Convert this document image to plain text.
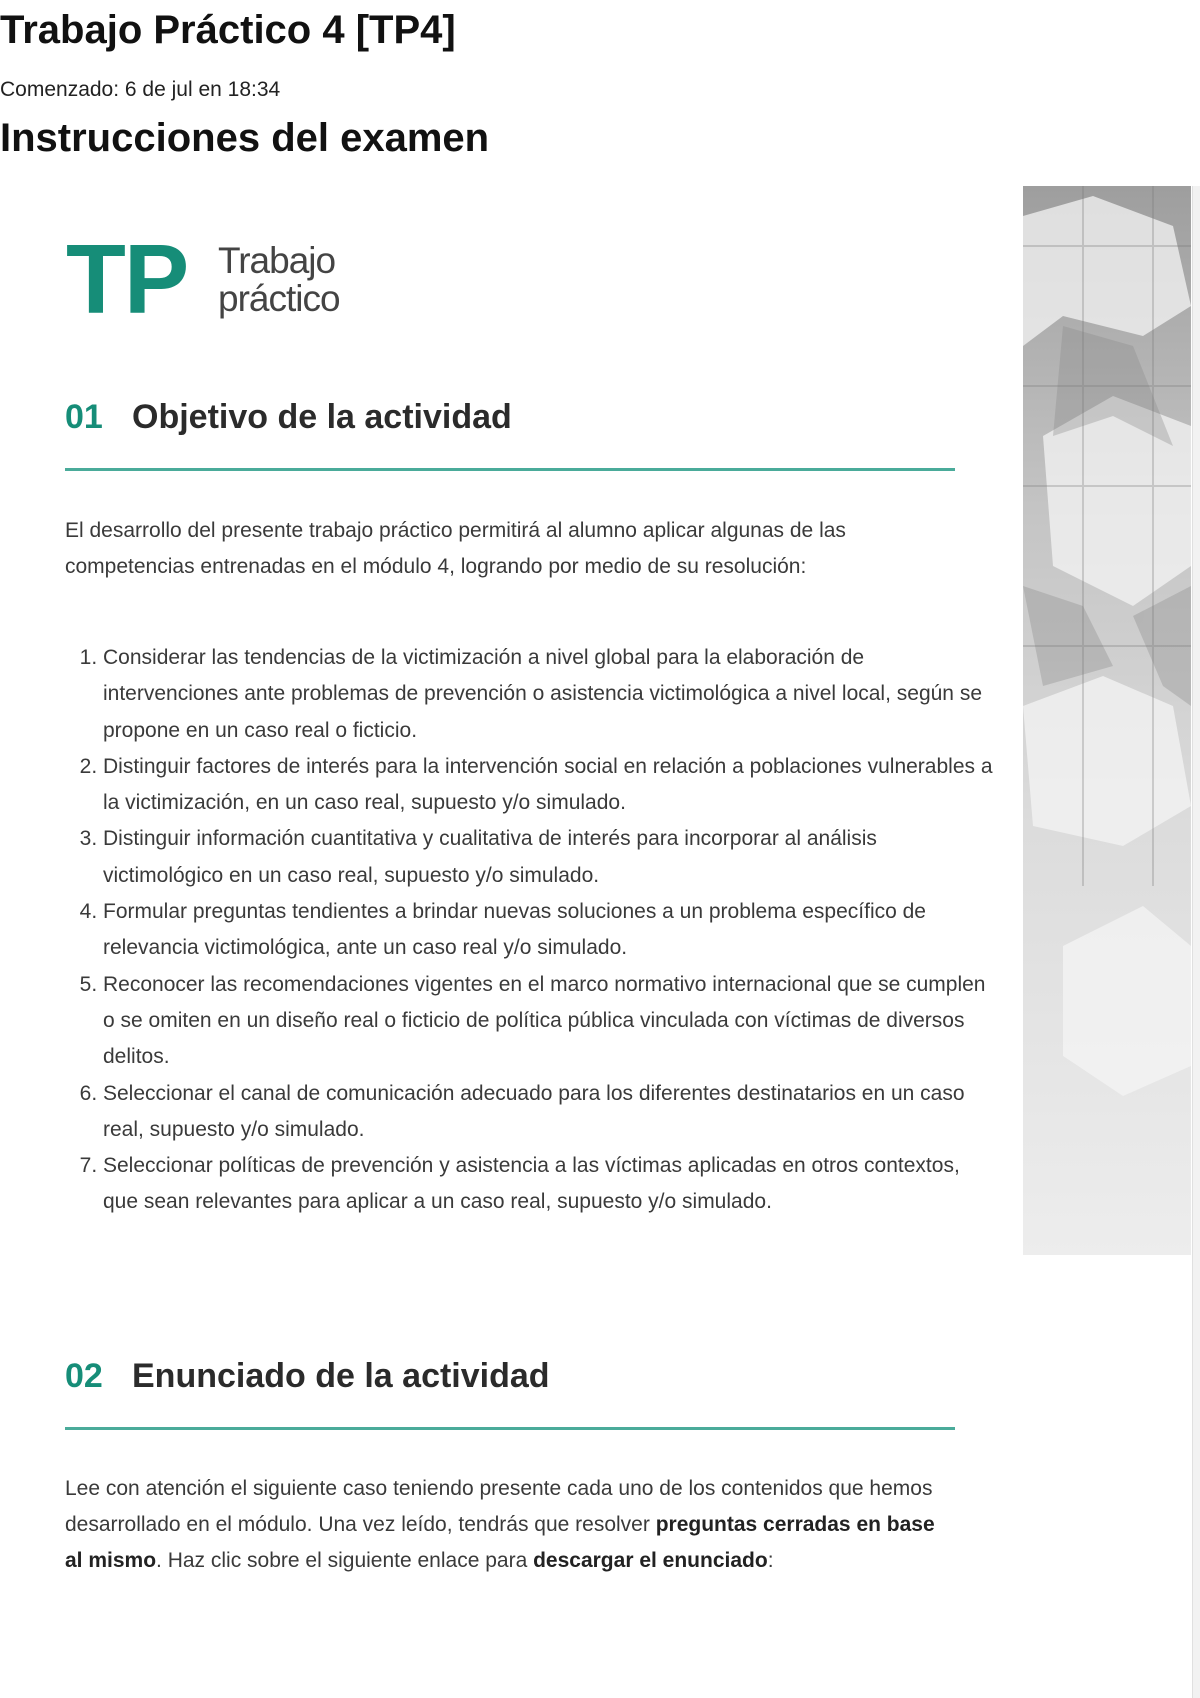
Trabajo Práctico 4 [TP4]

Comenzado: 6 de jul en 18:34

Instrucciones del examen
TP Trabajo
práctico
01 Objetivo de la actividad

El desarrollo del presente trabajo práctico permitirá al alumno aplicar algunas de las competencias entrenadas en el módulo 4, logrando por medio de su resolución:

1. Considerar las tendencias de la victimización a nivel global para la elaboración de intervenciones ante problemas de prevención o asistencia victimológica a nivel local, según se propone en un caso real o ficticio.
2. Distinguir factores de interés para la intervención social en relación a poblaciones vulnerables a la victimización, en un caso real, supuesto y/o simulado.
3. Distinguir información cuantitativa y cualitativa de interés para incorporar al análisis victimológico en un caso real, supuesto y/o simulado.
4. Formular preguntas tendientes a brindar nuevas soluciones a un problema específico de relevancia victimológica, ante un caso real y/o simulado.
5. Reconocer las recomendaciones vigentes en el marco normativo internacional que se cumplen o se omiten en un diseño real o ficticio de política pública vinculada con víctimas de diversos delitos.
6. Seleccionar el canal de comunicación adecuado para los diferentes destinatarios en un caso real, supuesto y/o simulado.
7. Seleccionar políticas de prevención y asistencia a las víctimas aplicadas en otros contextos, que sean relevantes para aplicar a un caso real, supuesto y/o simulado.
02 Enunciado de la actividad

Lee con atención el siguiente caso teniendo presente cada uno de los contenidos que hemos desarrollado en el módulo. Una vez leído, tendrás que resolver preguntas cerradas en base al mismo. Haz clic sobre el siguiente enlace para descargar el enunciado:
